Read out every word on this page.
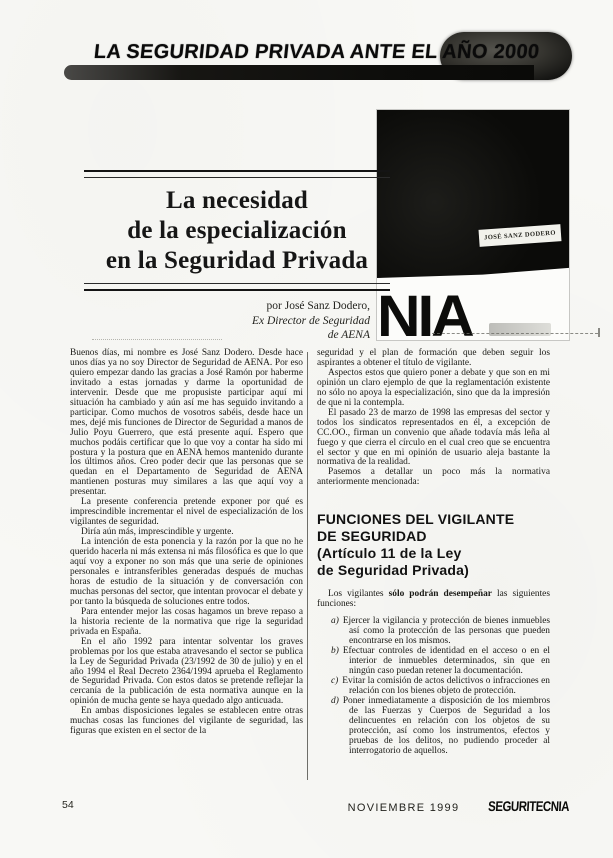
LA SEGURIDAD PRIVADA ANTE EL AÑO 2000
NIA
JOSÉ SANZ DODERO
La necesidad
de la especialización
en la Seguridad Privada
por José Sanz Dodero,
Ex Director de Seguridad
de AENA

Buenos días, mi nombre es José Sanz Dodero. Desde hace unos días ya no soy Director de Seguridad de AENA. Por eso quiero empezar dando las gracias a José Ramón por haberme invitado a estas jornadas y darme la oportunidad de intervenir. Desde que me propusiste participar aquí mi situación ha cambiado y aún así me has seguido invitando a participar. Como muchos de vosotros sabéis, desde hace un mes, dejé mis funciones de Director de Seguridad a manos de Julio Poyu Guerrero, que está presente aquí. Espero que muchos podáis certificar que lo que voy a contar ha sido mi postura y la postura que en AENA hemos mantenido durante los últimos años. Creo poder decir que las personas que se quedan en el Departamento de Seguridad de AENA mantienen posturas muy similares a las que aquí voy a presentar.

La presente conferencia pretende exponer por qué es imprescindible incrementar el nivel de especialización de los vigilantes de seguridad.

Diría aún más, imprescindible y urgente.

La intención de esta ponencia y la razón por la que no he querido hacerla ni más extensa ni más filosófica es que lo que aquí voy a exponer no son más que una serie de opiniones personales e intransferibles generadas después de muchas horas de estudio de la situación y de conversación con muchas personas del sector, que intentan provocar el debate y por tanto la búsqueda de soluciones entre todos.

Para entender mejor las cosas hagamos un breve repaso a la historia reciente de la normativa que rige la seguridad privada en España.

En el año 1992 para intentar solventar los graves problemas por los que estaba atravesando el sector se publica la Ley de Seguridad Privada (23/1992 de 30 de julio) y en el año 1994 el Real Decreto 2364/1994 aprueba el Reglamento de Seguridad Privada. Con estos datos se pretende reflejar la cercanía de la publicación de esta normativa aunque en la opinión de mucha gente se haya quedado algo anticuada.

En ambas disposiciones legales se establecen entre otras muchas cosas las funciones del vigilante de seguridad, las figuras que existen en el sector de la

seguridad y el plan de formación que deben seguir los aspirantes a obtener el título de vigilante.

Aspectos estos que quiero poner a debate y que son en mi opinión un claro ejemplo de que la reglamentación existente no sólo no apoya la especialización, sino que da la impresión de que ni la contempla.

El pasado 23 de marzo de 1998 las empresas del sector y todos los sindicatos representados en él, a excepción de CC.OO., firman un convenio que añade todavía más leña al fuego y que cierra el círculo en el cual creo que se encuentra el sector y que en mi opinión de usuario aleja bastante la normativa de la realidad.

Pasemos a detallar un poco más la normativa anteriormente mencionada:

FUNCIONES DEL VIGILANTE
DE SEGURIDAD
(Artículo 11 de la Ley
de Seguridad Privada)

Los vigilantes sólo podrán desempeñar las siguientes funciones:

a) Ejercer la vigilancia y protección de bienes inmuebles así como la protección de las personas que pueden encontrarse en los mismos.
b) Efectuar controles de identidad en el acceso o en el interior de inmuebles determinados, sin que en ningún caso puedan retener la documentación.
c) Evitar la comisión de actos delictivos o infracciones en relación con los bienes objeto de protección.
d) Poner inmediatamente a disposición de los miembros de las Fuerzas y Cuerpos de Seguridad a los delincuentes en relación con los objetos de su protección, así como los instrumentos, efectos y pruebas de los delitos, no pudiendo proceder al interrogatorio de aquellos.
54	NOVIEMBRE 1999 SEGURITECNIA
